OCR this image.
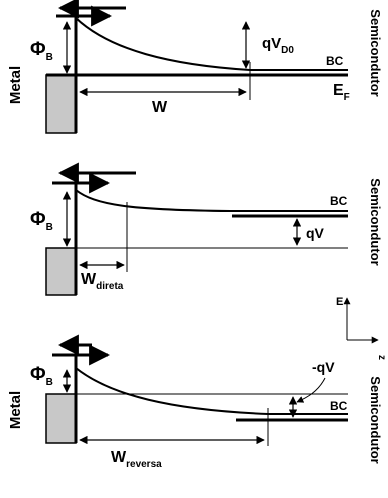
Metal
$\Phi_B$
$qV_{D0}$
W
BC
$E_F$
Semicondutor
$\Phi_B$
$W_{direta}$
qV
BC Semicondutor
E
z
Metal
$\Phi_B$
$W_{reversa}$
-qV
BC Semicondutor
